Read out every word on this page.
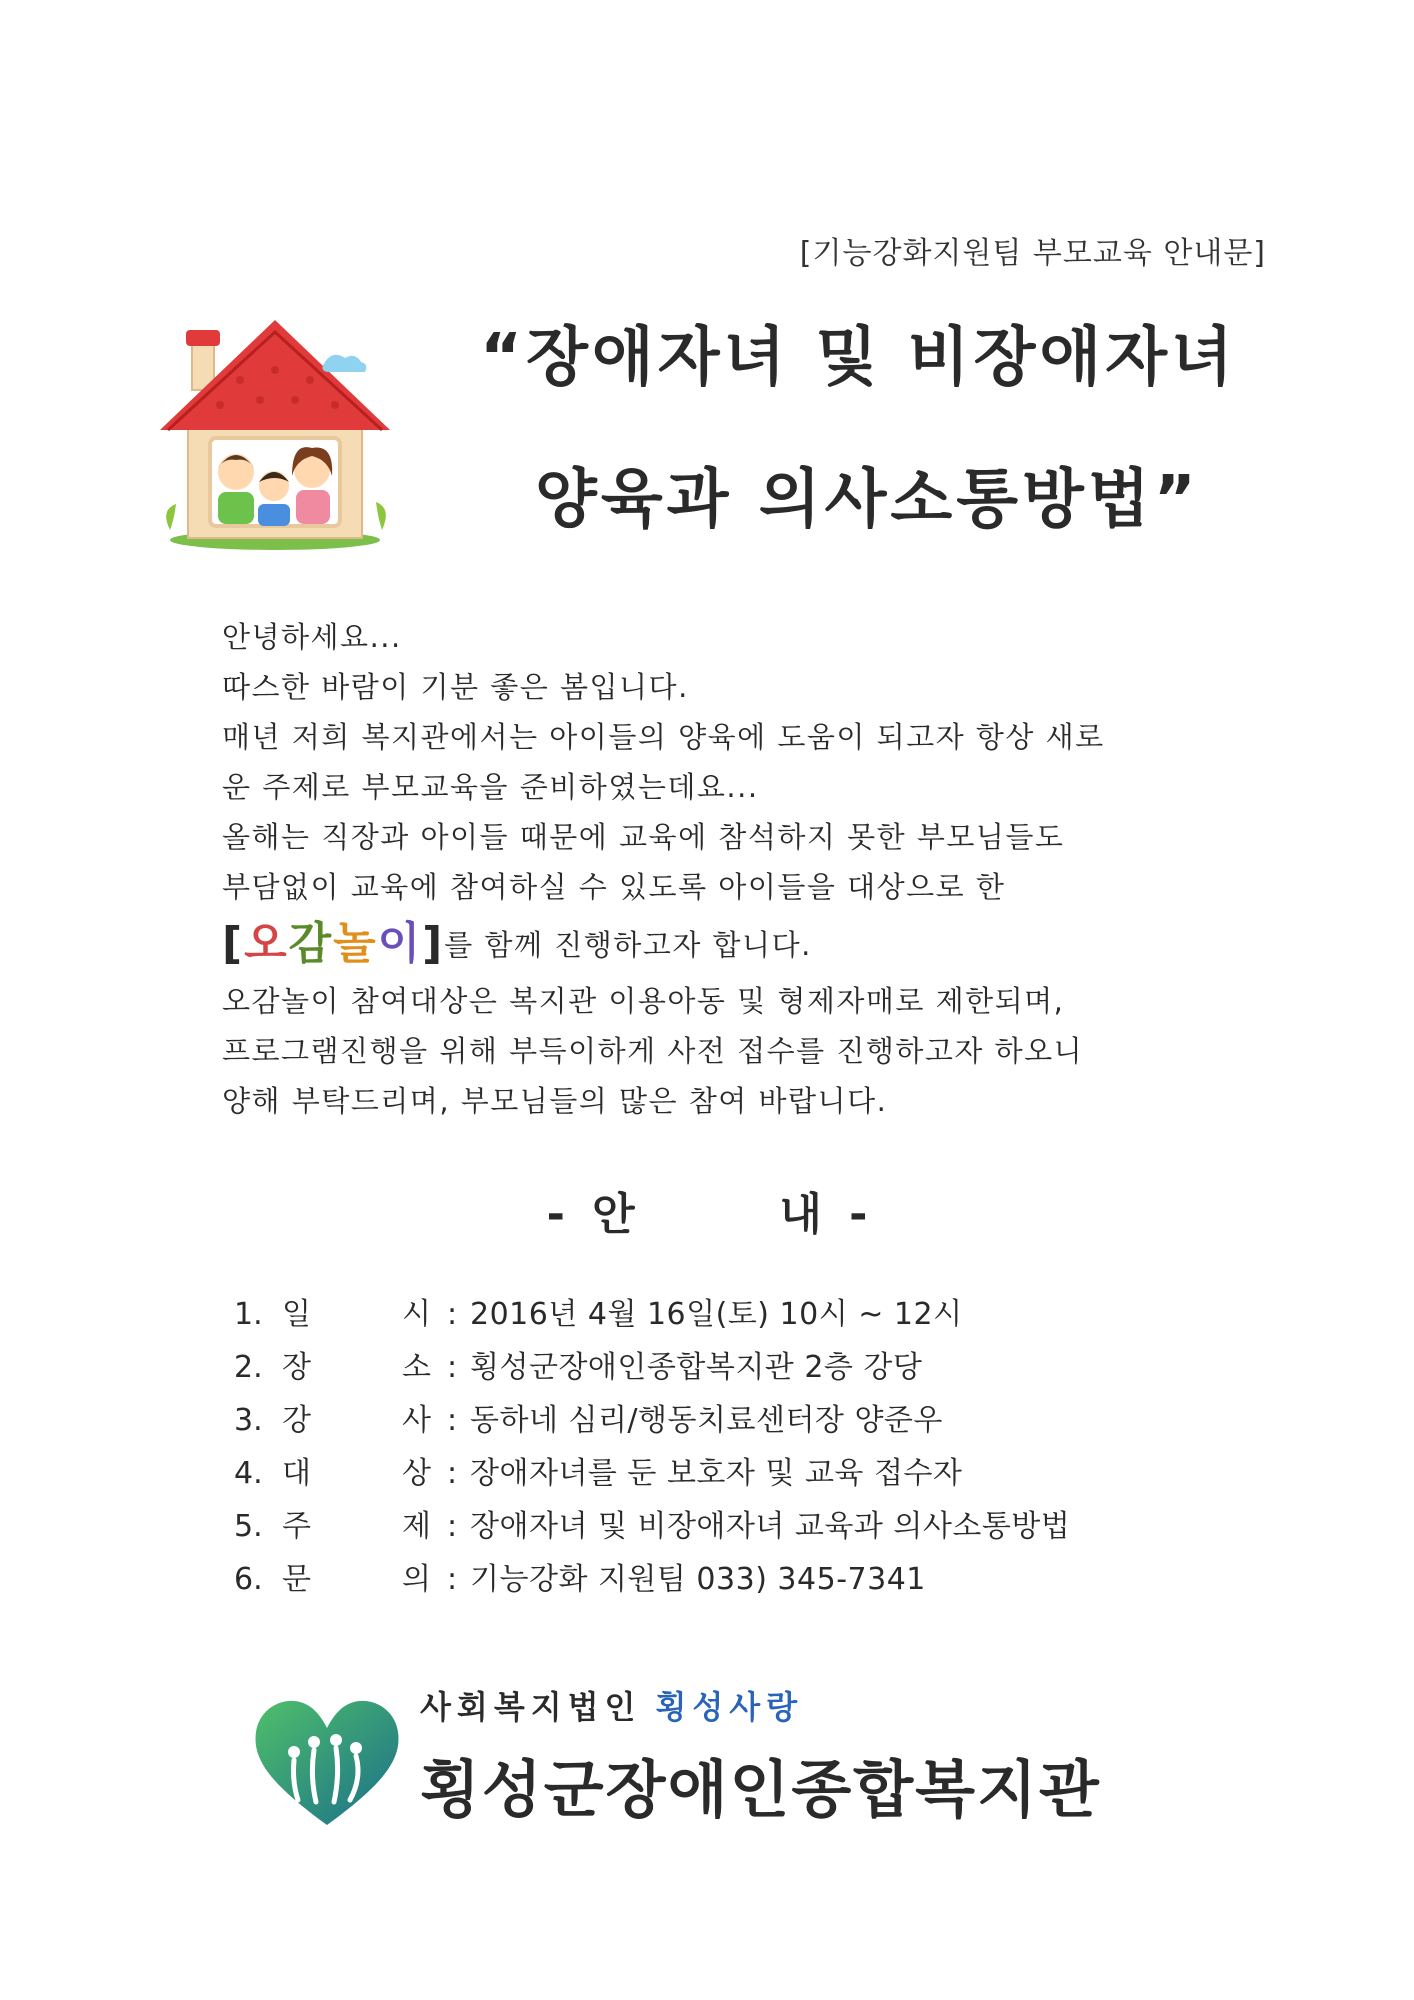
[기능강화지원팀 부모교육 안내문]
“장애자녀 및 비장애자녀
양육과 의사소통방법”
안녕하세요...
따스한 바람이 기분 좋은 봄입니다.
매년 저희 복지관에서는 아이들의 양육에 도움이 되고자 항상 새로
운 주제로 부모교육을 준비하였는데요...
올해는 직장과 아이들 때문에 교육에 참석하지 못한 부모님들도
부담없이 교육에 참여하실 수 있도록 아이들을 대상으로 한
[오감놀이]를 함께 진행하고자 합니다.
오감놀이 참여대상은 복지관 이용아동 및 형제자매로 제한되며,
프로그램진행을 위해 부득이하게 사전 접수를 진행하고자 하오니
양해 부탁드리며, 부모님들의 많은 참여 바랍니다.
- 안	내 -
1. 일	시 : 2016년 4월 16일(토) 10시 ~ 12시
2. 장	소 : 횡성군장애인종합복지관 2층 강당
3. 강	사 : 동하네 심리/행동치료센터장 양준우
4. 대	상 : 장애자녀를 둔 보호자 및 교육 접수자
5. 주	제 : 장애자녀 및 비장애자녀 교육과 의사소통방법
6. 문	의 : 기능강화 지원팀 033) 345-7341
사회복지법인 횡성사랑
횡성군장애인종합복지관
